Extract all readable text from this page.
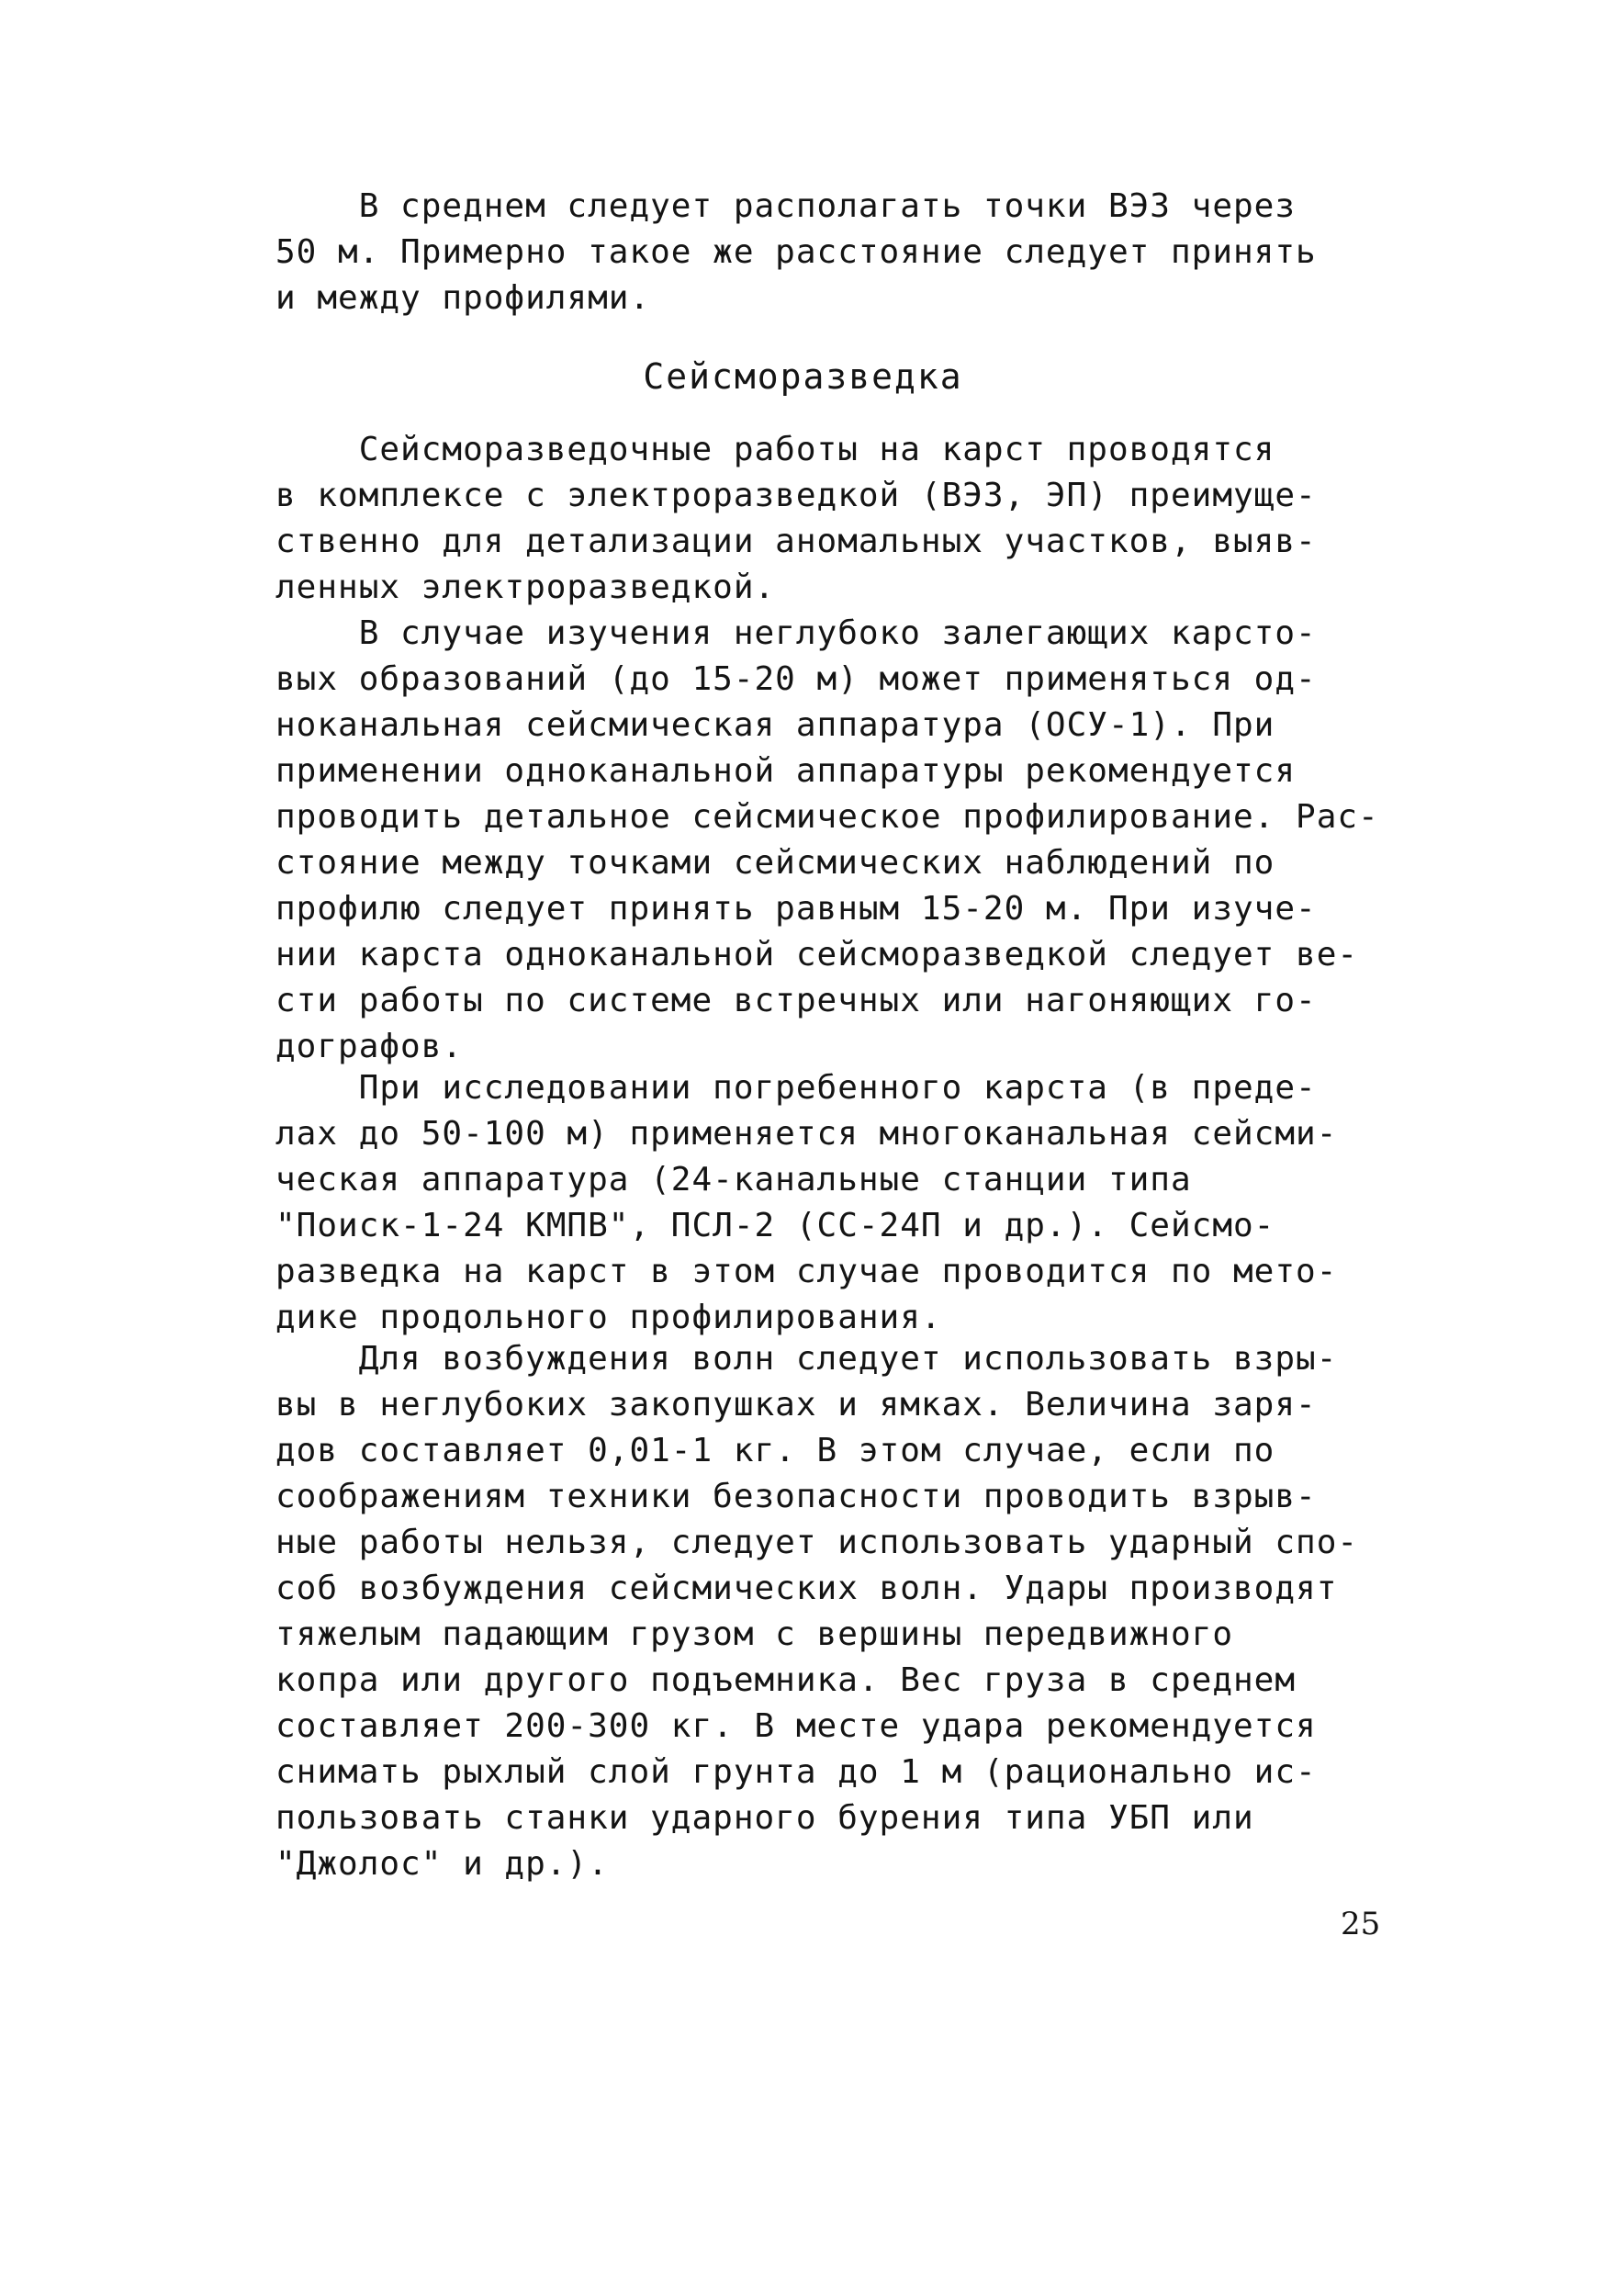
В среднем следует располагать точки ВЭЗ через
50 м. Примерно такое же расстояние следует принять
и между профилями.
Сейсморазведка
Сейсморазведочные работы на карст проводятся
в комплексе с электроразведкой (ВЭЗ, ЭП) преимуще-
ственно для детализации аномальных участков, выяв-
ленных электроразведкой.
В случае изучения неглубоко залегающих карсто-
вых образований (до 15-20 м) может применяться од-
ноканальная сейсмическая аппаратура (ОСУ-1). При
применении одноканальной аппаратуры рекомендуется
проводить детальное сейсмическое профилирование. Рас-
стояние между точками сейсмических наблюдений по
профилю следует принять равным 15-20 м. При изуче-
нии карста одноканальной сейсморазведкой следует ве-
сти работы по системе встречных или нагоняющих го-
дографов.
При исследовании погребенного карста (в преде-
лах до 50-100 м) применяется многоканальная сейсми-
ческая аппаратура (24-канальные станции типа
"Поиск-1-24 КМПВ", ПСЛ-2 (СС-24П и др.). Сейсмо-
разведка на карст в этом случае проводится по мето-
дике продольного профилирования.
Для возбуждения волн следует использовать взры-
вы в неглубоких закопушках и ямках. Величина заря-
дов составляет 0,01-1 кг. В этом случае, если по
соображениям техники безопасности проводить взрыв-
ные работы нельзя, следует использовать ударный спо-
соб возбуждения сейсмических волн. Удары производят
тяжелым падающим грузом с вершины передвижного
копра или другого подъемника. Вес груза в среднем
составляет 200-300 кг. В месте удара рекомендуется
снимать рыхлый слой грунта до 1 м (рационально ис-
пользовать станки ударного бурения типа УБП или
"Джолос" и др.).
25
